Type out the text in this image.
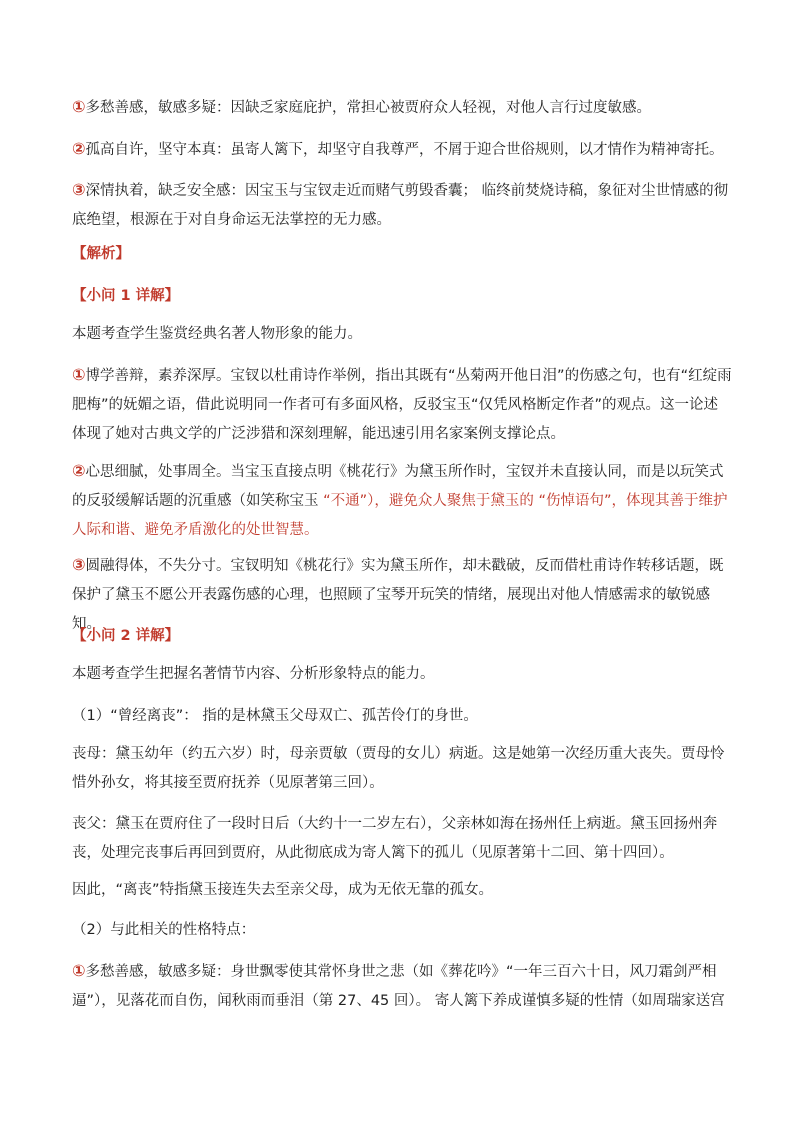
①多愁善感，敏感多疑：因缺乏家庭庇护，常担心被贾府众人轻视，对他人言行过度敏感。

②孤高自许，坚守本真：虽寄人篱下，却坚守自我尊严，不屑于迎合世俗规则，以才情作为精神寄托。

③深情执着，缺乏安全感：因宝玉与宝钗走近而赌气剪毁香囊； 临终前焚烧诗稿，象征对尘世情感的彻底绝望，根源在于对自身命运无法掌控的无力感。

【解析】

【小问 1 详解】

本题考查学生鉴赏经典名著人物形象的能力。

①博学善辩，素养深厚。宝钗以杜甫诗作举例，指出其既有“丛菊两开他日泪”的伤感之句，也有“红绽雨肥梅”的妩媚之语，借此说明同一作者可有多面风格，反驳宝玉“仅凭风格断定作者”的观点。这一论述体现了她对古典文学的广泛涉猎和深刻理解，能迅速引用名家案例支撑论点。

②心思细腻，处事周全。当宝玉直接点明《桃花行》为黛玉所作时，宝钗并未直接认同，而是以玩笑式的反驳缓解话题的沉重感（如笑称宝玉 “不通”），避免众人聚焦于黛玉的 “伤悼语句”，体现其善于维护人际和谐、避免矛盾激化的处世智慧。

③圆融得体，不失分寸。宝钗明知《桃花行》实为黛玉所作，却未戳破，反而借杜甫诗作转移话题，既保护了黛玉不愿公开表露伤感的心理，也照顾了宝琴开玩笑的情绪，展现出对他人情感需求的敏锐感知。

【小问 2 详解】

本题考查学生把握名著情节内容、分析形象特点的能力。

（1）“曾经离丧”： 指的是林黛玉父母双亡、孤苦伶仃的身世。

丧母：黛玉幼年（约五六岁）时，母亲贾敏（贾母的女儿）病逝。这是她第一次经历重大丧失。贾母怜惜外孙女，将其接至贾府抚养（见原著第三回）。

丧父：黛玉在贾府住了一段时日后（大约十一二岁左右），父亲林如海在扬州任上病逝。黛玉回扬州奔丧，处理完丧事后再回到贾府，从此彻底成为寄人篱下的孤儿（见原著第十二回、第十四回）。

因此，“离丧”特指黛玉接连失去至亲父母，成为无依无靠的孤女。

（2）与此相关的性格特点：

①多愁善感，敏感多疑：身世飘零使其常怀身世之悲（如《葬花吟》“一年三百六十日，风刀霜剑严相逼”），见落花而自伤，闻秋雨而垂泪（第 27、45 回）。 寄人篱下养成谨慎多疑的性情（如周瑞家送宫
